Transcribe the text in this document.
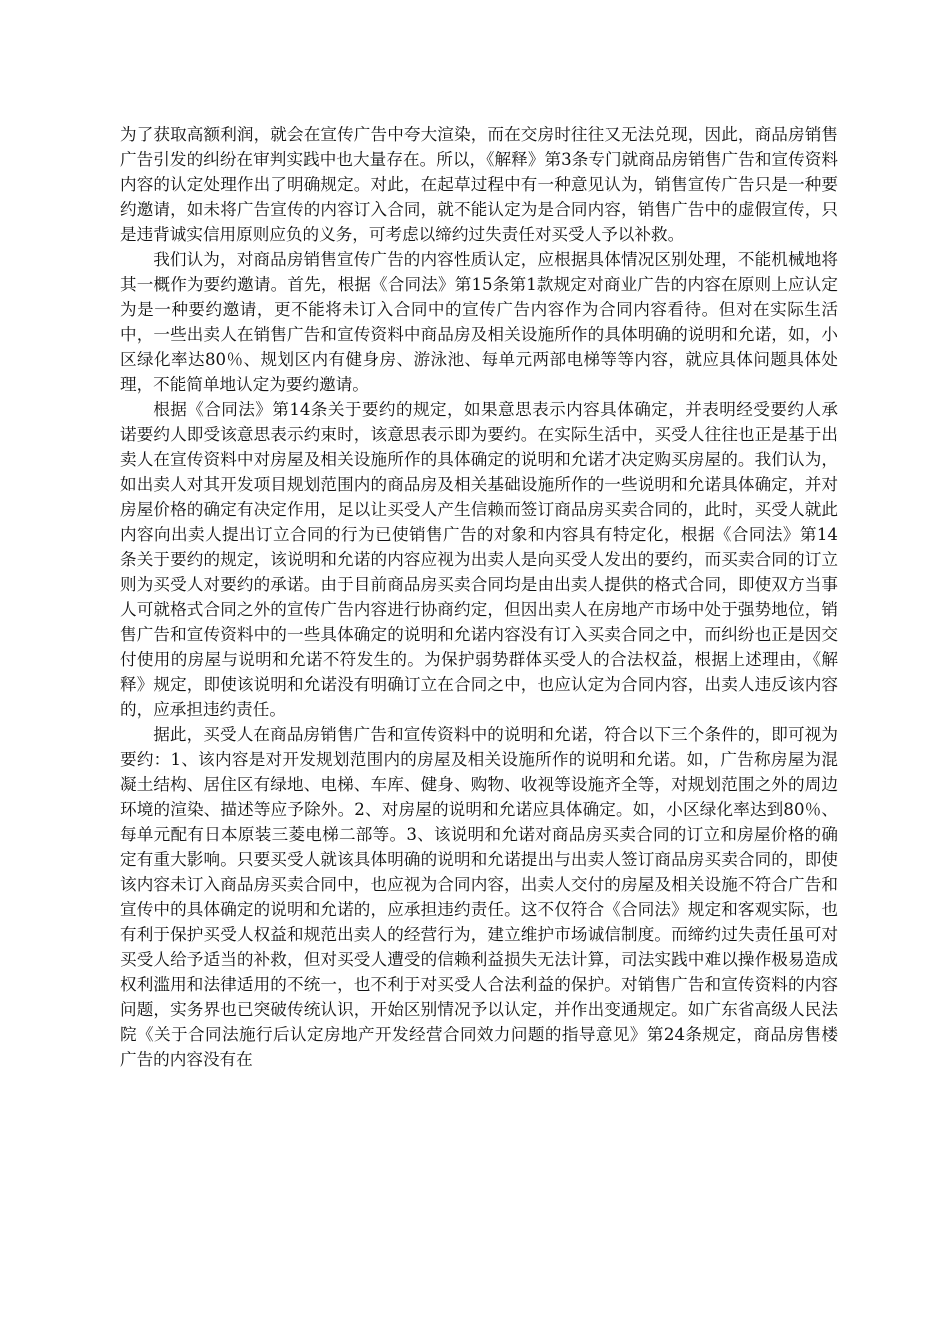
为了获取高额利润，就会在宣传广告中夸大渲染，而在交房时往往又无法兑现，因此，商品房销售广告引发的纠纷在审判实践中也大量存在。所以，《解释》第3条专门就商品房销售广告和宣传资料内容的认定处理作出了明确规定。对此，在起草过程中有一种意见认为，销售宣传广告只是一种要约邀请，如未将广告宣传的内容订入合同，就不能认定为是合同内容，销售广告中的虚假宣传，只是违背诚实信用原则应负的义务，可考虑以缔约过失责任对买受人予以补救。

我们认为，对商品房销售宣传广告的内容性质认定，应根据具体情况区别处理，不能机械地将其一概作为要约邀请。首先，根据《合同法》第15条第1款规定对商业广告的内容在原则上应认定为是一种要约邀请，更不能将未订入合同中的宣传广告内容作为合同内容看待。但对在实际生活中，一些出卖人在销售广告和宣传资料中商品房及相关设施所作的具体明确的说明和允诺，如，小区绿化率达80％、规划区内有健身房、游泳池、每单元两部电梯等等内容，就应具体问题具体处理，不能简单地认定为要约邀请。

根据《合同法》第14条关于要约的规定，如果意思表示内容具体确定，并表明经受要约人承诺要约人即受该意思表示约束时，该意思表示即为要约。在实际生活中，买受人往往也正是基于出卖人在宣传资料中对房屋及相关设施所作的具体确定的说明和允诺才决定购买房屋的。我们认为，如出卖人对其开发项目规划范围内的商品房及相关基础设施所作的一些说明和允诺具体确定，并对房屋价格的确定有决定作用，足以让买受人产生信赖而签订商品房买卖合同的，此时，买受人就此内容向出卖人提出订立合同的行为已使销售广告的对象和内容具有特定化，根据《合同法》第14条关于要约的规定，该说明和允诺的内容应视为出卖人是向买受人发出的要约，而买卖合同的订立则为买受人对要约的承诺。由于目前商品房买卖合同均是由出卖人提供的格式合同，即使双方当事人可就格式合同之外的宣传广告内容进行协商约定，但因出卖人在房地产市场中处于强势地位，销售广告和宣传资料中的一些具体确定的说明和允诺内容没有订入买卖合同之中，而纠纷也正是因交付使用的房屋与说明和允诺不符发生的。为保护弱势群体买受人的合法权益，根据上述理由，《解释》规定，即使该说明和允诺没有明确订立在合同之中，也应认定为合同内容，出卖人违反该内容的，应承担违约责任。

据此，买受人在商品房销售广告和宣传资料中的说明和允诺，符合以下三个条件的，即可视为要约：1、该内容是对开发规划范围内的房屋及相关设施所作的说明和允诺。如，广告称房屋为混凝土结构、居住区有绿地、电梯、车库、健身、购物、收视等设施齐全等，对规划范围之外的周边环境的渲染、描述等应予除外。2、对房屋的说明和允诺应具体确定。如，小区绿化率达到80％、每单元配有日本原装三菱电梯二部等。3、该说明和允诺对商品房买卖合同的订立和房屋价格的确定有重大影响。只要买受人就该具体明确的说明和允诺提出与出卖人签订商品房买卖合同的，即使该内容未订入商品房买卖合同中，也应视为合同内容，出卖人交付的房屋及相关设施不符合广告和宣传中的具体确定的说明和允诺的，应承担违约责任。这不仅符合《合同法》规定和客观实际，也有利于保护买受人权益和规范出卖人的经营行为，建立维护市场诚信制度。而缔约过失责任虽可对买受人给予适当的补救，但对买受人遭受的信赖利益损失无法计算，司法实践中难以操作极易造成权利滥用和法律适用的不统一，也不利于对买受人合法利益的保护。对销售广告和宣传资料的内容问题，实务界也已突破传统认识，开始区别情况予以认定，并作出变通规定。如广东省高级人民法院《关于合同法施行后认定房地产开发经营合同效力问题的指导意见》第24条规定，商品房售楼广告的内容没有在
